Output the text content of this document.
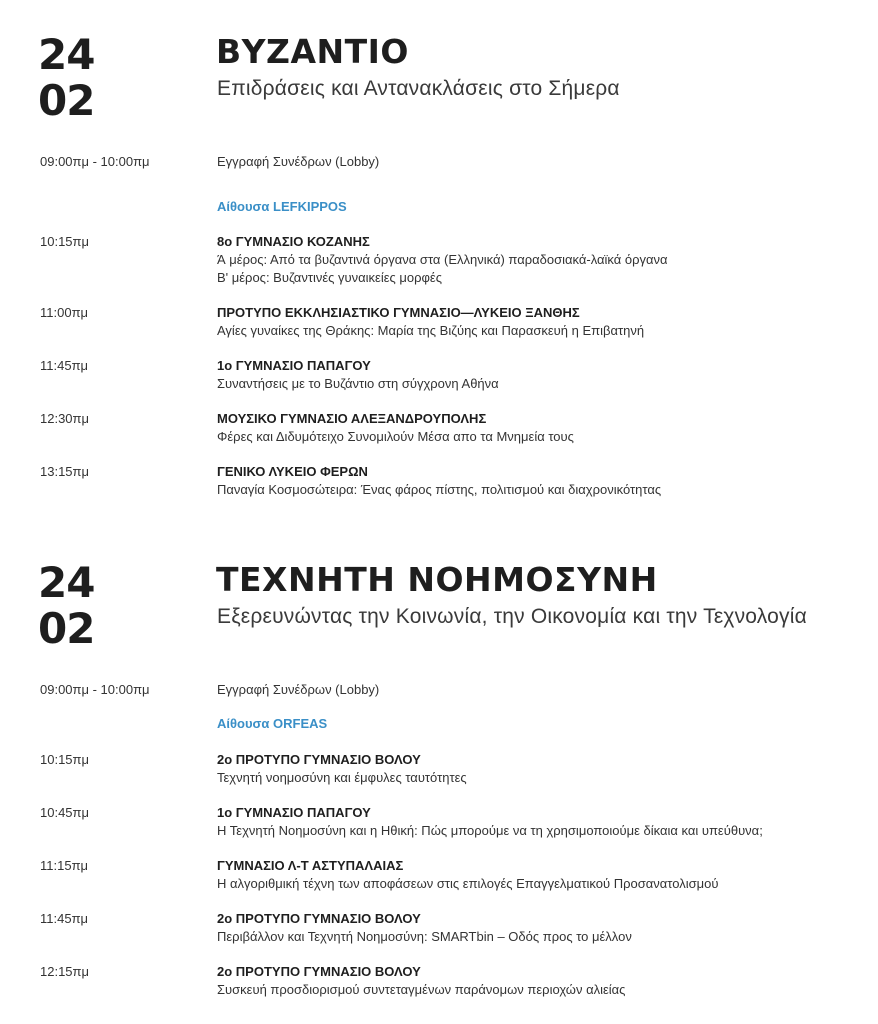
24
02
ΒΥΖΑΝΤΙΟ

Επιδράσεις και Αντανακλάσεις στο Σήμερα

09:00πμ - 10:00πμ	Εγγραφή Συνέδρων (Lobby)
Αίθουσα LEFKIPPOS
10:15πμ	8ο ΓΥΜΝΑΣΙΟ ΚΟΖΑΝΗΣ
Ά μέρος: Από τα βυζαντινά όργανα στα (Ελληνικά) παραδοσιακά-λαϊκά όργανα
Β' μέρος: Βυζαντινές γυναικείες μορφές
11:00πμ	ΠΡΟΤΥΠΟ ΕΚΚΛΗΣΙΑΣΤΙΚΟ ΓΥΜΝΑΣΙΟ—ΛΥΚΕΙΟ ΞΑΝΘΗΣ
Αγίες γυναίκες της Θράκης: Μαρία της Βιζύης και Παρασκευή η Επιβατηνή
11:45πμ	1ο ΓΥΜΝΑΣΙΟ ΠΑΠΑΓΟΥ
Συναντήσεις με το Βυζάντιο στη σύγχρονη Αθήνα
12:30πμ	ΜΟΥΣΙΚΟ ΓΥΜΝΑΣΙΟ ΑΛΕΞΑΝΔΡΟΥΠΟΛΗΣ
Φέρες και Διδυμότειχο Συνομιλούν Μέσα απο τα Μνημεία τους
13:15πμ	ΓΕΝΙΚΟ ΛΥΚΕΙΟ ΦΕΡΩΝ
Παναγία Κοσμοσώτειρα: Ένας φάρος πίστης, πολιτισμού και διαχρονικότητας
24
02
ΤΕΧΝΗΤΗ ΝΟΗΜΟΣΥΝΗ

Εξερευνώντας την Κοινωνία, την Οικονομία και την Τεχνολογία

09:00πμ - 10:00πμ	Εγγραφή Συνέδρων (Lobby)
Αίθουσα ORFEAS
10:15πμ	2ο ΠΡΟΤΥΠΟ ΓΥΜΝΑΣΙΟ ΒΟΛΟΥ
Τεχνητή νοημοσύνη και έμφυλες ταυτότητες
10:45πμ	1ο ΓΥΜΝΑΣΙΟ ΠΑΠΑΓΟΥ
Η Τεχνητή Νοημοσύνη και η Ηθική: Πώς μπορούμε να τη χρησιμοποιούμε δίκαια και υπεύθυνα;
11:15πμ	ΓΥΜΝΑΣΙΟ Λ-Τ ΑΣΤΥΠΑΛΑΙΑΣ
Η αλγοριθμική τέχνη των αποφάσεων στις επιλογές Επαγγελματικού Προσανατολισμού
11:45πμ	2ο ΠΡΟΤΥΠΟ ΓΥΜΝΑΣΙΟ ΒΟΛΟΥ
Περιβάλλον και Τεχνητή Νοημοσύνη: SMARTbin – Οδός προς το μέλλον
12:15πμ	2ο ΠΡΟΤΥΠΟ ΓΥΜΝΑΣΙΟ ΒΟΛΟΥ
Συσκευή προσδιορισμού συντεταγμένων παράνομων περιοχών αλιείας
